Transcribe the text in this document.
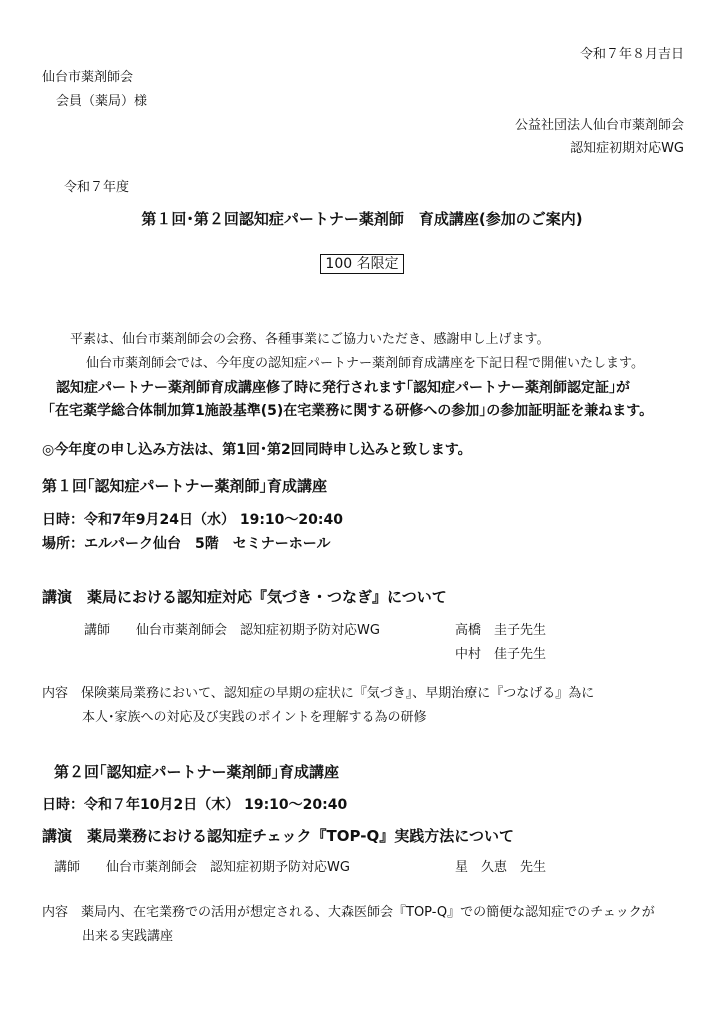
令和７年８月吉日
仙台市薬剤師会
会員（薬局）様
公益社団法人仙台市薬剤師会
認知症初期対応WG
令和７年度
第１回･第２回認知症パートナー薬剤師　育成講座(参加のご案内)
100 名限定
平素は、仙台市薬剤師会の会務、各種事業にご協力いただき、感謝申し上げます。
仙台市薬剤師会では、今年度の認知症パートナー薬剤師育成講座を下記日程で開催いたします。
認知症パートナー薬剤師育成講座修了時に発行されます｢認知症パートナー薬剤師認定証｣が
｢在宅薬学総合体制加算1施設基準(5)在宅業務に関する研修への参加｣の参加証明証を兼ねます。
◎今年度の申し込み方法は、第1回･第2回同時申し込みと致します。
第１回｢認知症パートナー薬剤師｣育成講座
日時：令和7年9月24日（水） 19:10～20:40
場所：エルパーク仙台　5階　セミナーホール
講演　薬局における認知症対応『気づき・つなぎ』について
講師　　仙台市薬剤師会　認知症初期予防対応WG	高橋　圭子先生
中村　佳子先生
内容　保険薬局業務において、認知症の早期の症状に『気づき』、早期治療に『つなげる』為に
本人･家族への対応及び実践のポイントを理解する為の研修
第２回｢認知症パートナー薬剤師｣育成講座
日時：令和７年10月2日（木） 19:10～20:40
講演　薬局業務における認知症チェック『TOP-Q』実践方法について
講師　　仙台市薬剤師会　認知症初期予防対応WG	星　久恵　先生
内容　薬局内、在宅業務での活用が想定される、大森医師会『TOP-Q』での簡便な認知症でのチェックが
出来る実践講座
